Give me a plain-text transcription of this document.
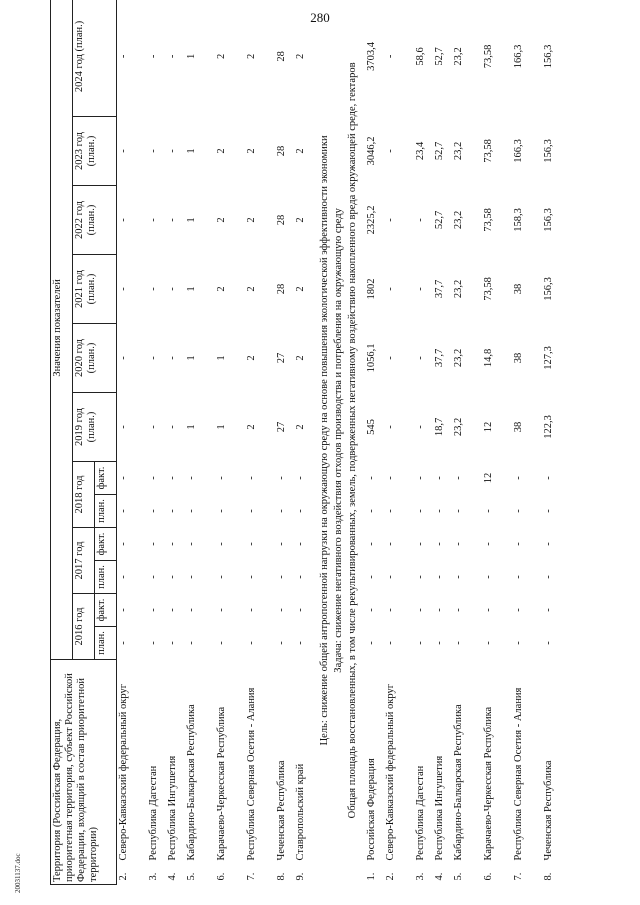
280
20031137.doc	Территория (Российская Федерация, приоритетная территория, субъект Российской Федерации, входящий в состав приоритетной территории)		Значения показателей											
		2016 год		2017 год		2018 год		2019 год (план.)	2020 год (план.)	2021 год (план.)	2022 год (план.)	2023 год (план.)	2024 год (план.)
		план.	факт.	план.	факт.	план.	факт.						
2.	Северо-Кавказский федеральный округ	-	-	-	-	-	-	-	-	-	-	-	-
3.	Республика Дагестан	-	-	-	-	-	-	-	-	-	-	-	-
4.	Республика Ингушетия	-	-	-	-	-	-	-	-	-	-	-	-
5.	Кабардино-Балкарская Республика	-	-	-	-	-	-	1	1	1	1	1	1
6.	Карачаево-Черкесская Республика	-	-	-	-	-	-	1	1	2	2	2	2
7.	Республика Северная Осетия - Алания	-	-	-	-	-	-	2	2	2	2	2	2
8.	Чеченская Республика	-	-	-	-	-	-	27	27	28	28	28	28
9.	Ставропольский край	-	-	-	-	-	-	2	2	2	2	2	2
Цель: снижение общей антропогенной нагрузки на окружающую среду на основе повышения экологической эффективности экономики													
Задача: снижение негативного воздействия отходов производства и потребления на окружающую среду													
Общая площадь восстановленных, в том числе рекультивированных, земель, подверженных негативному воздействию накопленного вреда окружающей среде, гектаров													
1.	Российская Федерация	-	-	-	-	-	-	545	1056,1	1802	2325,2	3046,2	3703,4
2.	Северо-Кавказский федеральный округ	-	-	-	-	-	-	-	-	-	-	-	-
3.	Республика Дагестан	-	-	-	-	-	-	-	-	-	-	23,4	58,6
4.	Республика Ингушетия	-	-	-	-	-	-	18,7	37,7	37,7	52,7	52,7	52,7
5.	Кабардино-Балкарская Республика	-	-	-	-	-	-	23,2	23,2	23,2	23,2	23,2	23,2
6.	Карачаево-Черкесская Республика	-	-	-	-	-	12	12	14,8	73,58	73,58	73,58	73,58
7.	Республика Северная Осетия - Алания	-	-	-	-	-	-	38	38	38	158,3	166,3	166,3
8.	Чеченская Республика	-	-	-	-	-	-	122,3	127,3	156,3	156,3	156,3	156,3
